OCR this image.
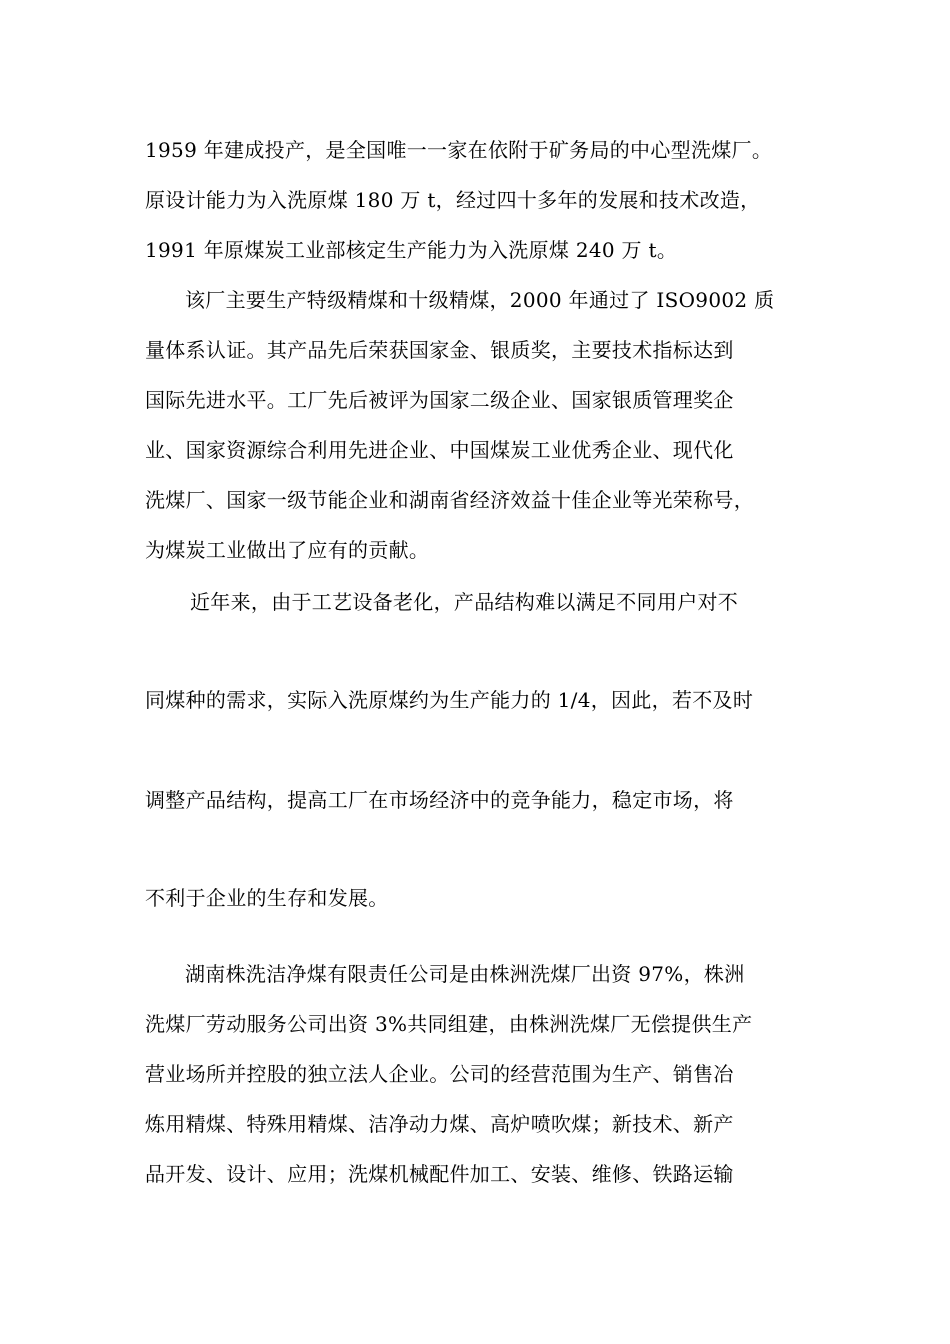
1959 年建成投产，是全国唯一一家在依附于矿务局的中心型洗煤厂。
原设计能力为入洗原煤 180 万 t，经过四十多年的发展和技术改造，
1991 年原煤炭工业部核定生产能力为入洗原煤 240 万 t。
该厂主要生产特级精煤和十级精煤，2000 年通过了 ISO9002 质
量体系认证。其产品先后荣获国家金、银质奖，主要技术指标达到
国际先进水平。工厂先后被评为国家二级企业、国家银质管理奖企
业、国家资源综合利用先进企业、中国煤炭工业优秀企业、现代化
洗煤厂、国家一级节能企业和湖南省经济效益十佳企业等光荣称号，
为煤炭工业做出了应有的贡献。
近年来，由于工艺设备老化，产品结构难以满足不同用户对不
同煤种的需求，实际入洗原煤约为生产能力的 1/4，因此，若不及时
调整产品结构，提高工厂在市场经济中的竞争能力，稳定市场，将
不利于企业的生存和发展。
湖南株洗洁净煤有限责任公司是由株洲洗煤厂出资 97%，株洲
洗煤厂劳动服务公司出资 3%共同组建，由株洲洗煤厂无偿提供生产
营业场所并控股的独立法人企业。公司的经营范围为生产、销售冶
炼用精煤、特殊用精煤、洁净动力煤、高炉喷吹煤；新技术、新产
品开发、设计、应用；洗煤机械配件加工、安装、维修、铁路运输
